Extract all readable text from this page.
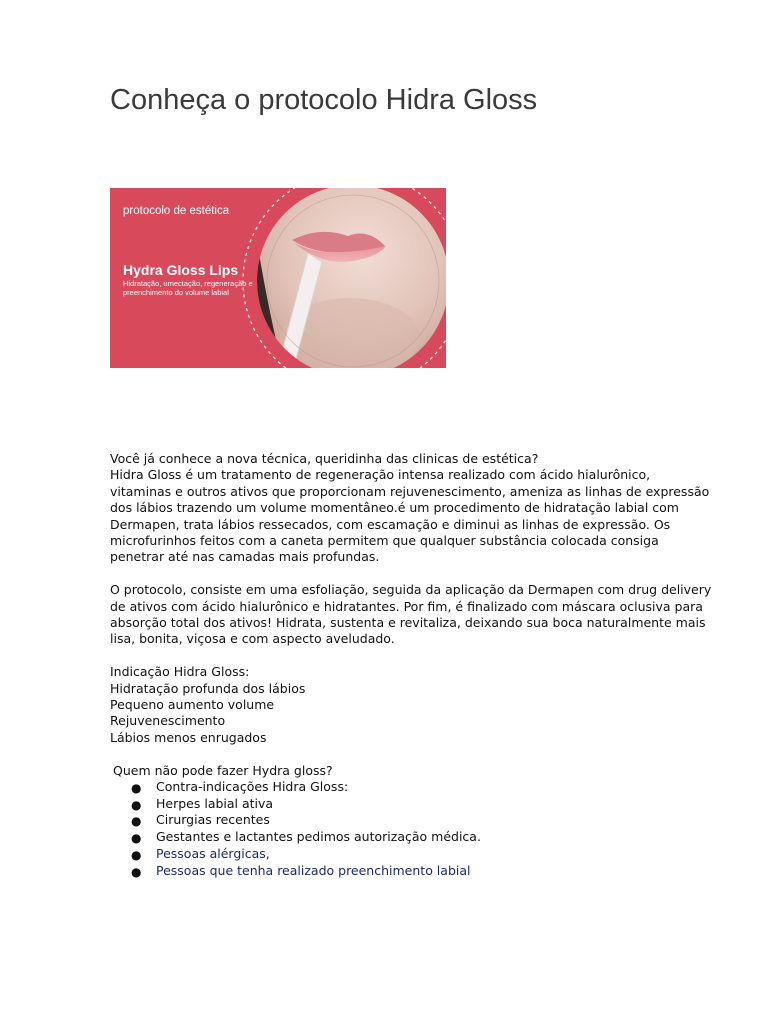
Conheça o protocolo Hidra Gloss
protocolo de estética
Hydra Gloss Lips
Hidratação, umectação, regeneração e preenchimento do volume labial

Você já conhece a nova técnica, queridinha das clinicas de estética?
Hidra Gloss é um tratamento de regeneração intensa realizado com ácido hialurônico,
vitaminas e outros ativos que proporcionam rejuvenescimento, ameniza as linhas de expressão
dos lábios trazendo um volume momentâneo.é um procedimento de hidratação labial com
Dermapen, trata lábios ressecados, com escamação e diminui as linhas de expressão. Os
microfurinhos feitos com a caneta permitem que qualquer substância colocada consiga
penetrar até nas camadas mais profundas.

O protocolo, consiste em uma esfoliação, seguida da aplicação da Dermapen com drug delivery
de ativos com ácido hialurônico e hidratantes. Por fim, é finalizado com máscara oclusiva para
absorção total dos ativos! Hidrata, sustenta e revitaliza, deixando sua boca naturalmente mais
lisa, bonita, viçosa e com aspecto aveludado.

Indicação Hidra Gloss:
Hidratação profunda dos lábios
Pequeno aumento volume
Rejuvenescimento
Lábios menos enrugados
Quem não pode fazer Hydra gloss?
● Contra-indicações Hidra Gloss:
● Herpes labial ativa
● Cirurgias recentes
● Gestantes e lactantes pedimos autorização médica.
● Pessoas alérgicas,
● Pessoas que tenha realizado preenchimento labial
